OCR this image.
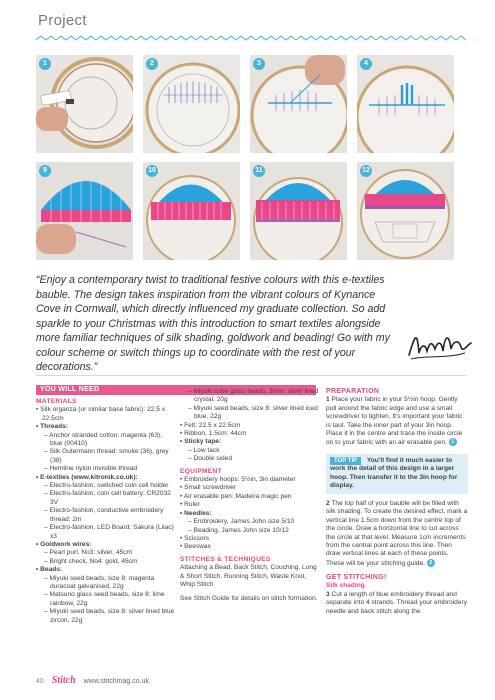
Project
1	2	3	4
9	10	11	12

“Enjoy a contemporary twist to traditional festive colours with this e-textiles bauble. The design takes inspiration from the vibrant colours of Kynance Cove in Cornwall, which directly influenced my graduate collection. So add sparkle to your Christmas with this introduction to smart textiles alongside more familiar techniques of silk shading, goldwork and beading! Go with my colour scheme or switch things up to coordinate with the rest of your decorations.”

YOU WILL NEED
MATERIALS
• Silk organza (or similar base fabric): 22.5 x 22.5cm
• Threads:
– Anchor stranded cotton: magenta (63), blue (00410)
– Silk Gutermann thread: smoke (36), grey (38)
– Hemline nylon invisible thread
• E-textiles (www.kitronik.co.uk):
– Electro-fashion, switched coin cell holder
– Electro-fashion, coin cell battery: CR2032 3V
– Electro-fashion, conductive embroidery thread: 2m
– Electro-fashion, LED Board: Sakura (Lilac) x3
• Goldwork wires:
– Pearl purl, No3: silver, 45cm
– Bright check, No4: gold, 45cm
• Beads:
– Miyuki seed beads, size 8: magenta duracoat galvanised, 22g
– Matsuno glass seed beads, size 8: lime rainbow, 22g
– Miyuki seed beads, size 8: silver lined blue zircon, 22g
– Miyuki cube glass beads, 3mm: silver lined crystal, 20g
– Miyuki seed beads, size 8: silver lined iced blue, 22g
• Felt: 22.5 x 22.5cm
• Ribbon, 1.5cm: 44cm
• Sticky tape:
– Low tack
– Double sided
EQUIPMENT
• Embroidery hoops: 5½in, 3in diameter
• Small screwdriver
• Air erasable pen: Madeira magic pen
• Ruler
• Needles:
– Embroidery, James John size 5/10
– Beading, James John size 10/12
• Scissors
• Beeswax
STITCHES & TECHNIQUES
Attaching a Bead, Back Stitch, Couching, Long & Short Stitch, Running Stitch, Waste Knot, Whip Stitch
See Stitch Guide for details on stitch formation.
PREPARATION
1 Place your fabric in your 5½in hoop. Gently pull around the fabric edge and use a small screwdriver to tighten. It's important your fabric is taut. Take the inner part of your 3in hoop. Place it in the centre and trace the inside circle on to your fabric with an air erasable pen. 1
TOP TIP You'll find it much easier to work the detail of this design in a larger hoop. Then transfer it to the 3in hoop for display.
2 The top half of your bauble will be filled with silk shading. To create the desired effect, mark a vertical line 1.5cm down from the centre top of the circle. Draw a horizontal line to cut across the circle at that level. Measure 1cm increments from the central point across this line. Then draw vertical lines at each of these points. These will be your stitching guide. 2
GET STITCHING!
Silk shading
3 Cut a length of blue embroidery thread and separate into 4 strands. Thread your embroidery needle and back stitch along the
40 Stitch www.stitchmag.co.uk
